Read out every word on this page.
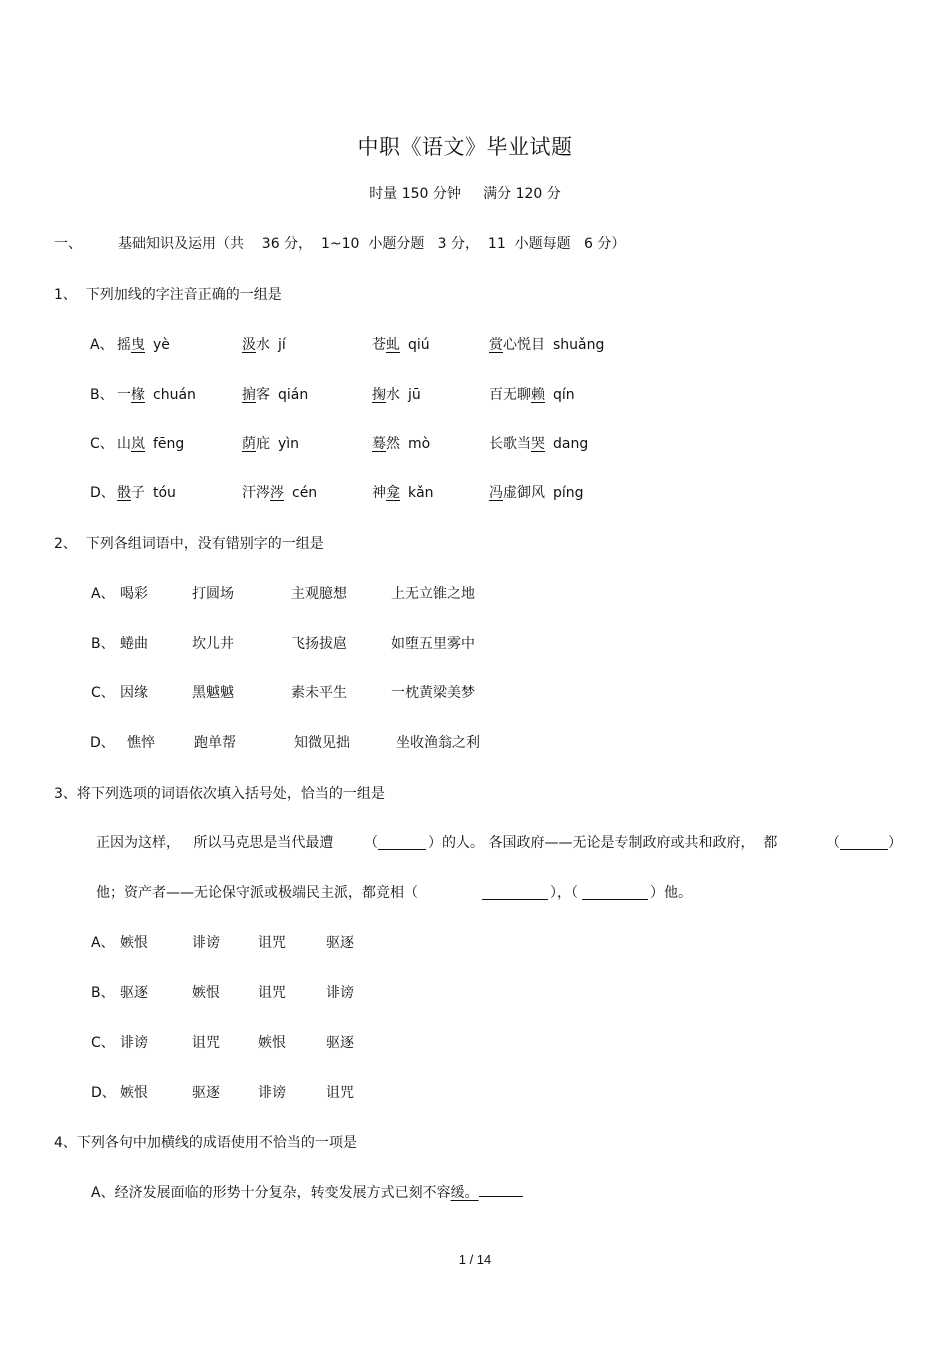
中职《语文》毕业试题
时量 150 分钟     满分 120 分
一、	基础知识及运用（共    36 分，  1~10  小题分题   3 分，  11  小题每题   6 分）
1、  下列加线的字注音正确的一组是
A、 摇曳 yè	汲水 jí	苍虬 qiú	赏心悦目 shuǎng
B、 一椽 chuán	掮客 qián	掬水 jū	百无聊赖 qín
C、 山岚 fēng	荫庇 yìn	蓦然 mò	长歌当哭 dang
D、 骰子 tóu	汗涔涔 cén	神龛 kǎn	冯虚御风 píng
2、  下列各组词语中，没有错别字的一组是
A、 喝彩	打圆场	主观臆想	上无立锥之地
B、 蜷曲	坎儿井	飞扬拔扈	如堕五里雾中
C、 因缘	黑魆魆	素未平生	一枕黄梁美梦
D、 憔悴	跑单帮	知微见拙	坐收渔翁之利
3、将下列选项的词语依次填入括号处，恰当的一组是
正因为这样，   所以马克思是当代最遭 （	）的人。 各国政府——无论是专制政府或共和政府，  都	（	）
他；资产者——无论保守派或极端民主派，都竞相（	），（	）他。
A、 嫉恨	诽谤	诅咒	驱逐
B、 驱逐	嫉恨	诅咒	诽谤
C、 诽谤	诅咒	嫉恨	驱逐
D、 嫉恨	驱逐	诽谤	诅咒
4、下列各句中加横线的成语使用不恰当的一项是
A、经济发展面临的形势十分复杂，转变发展方式已刻不容缓。
1 / 14
